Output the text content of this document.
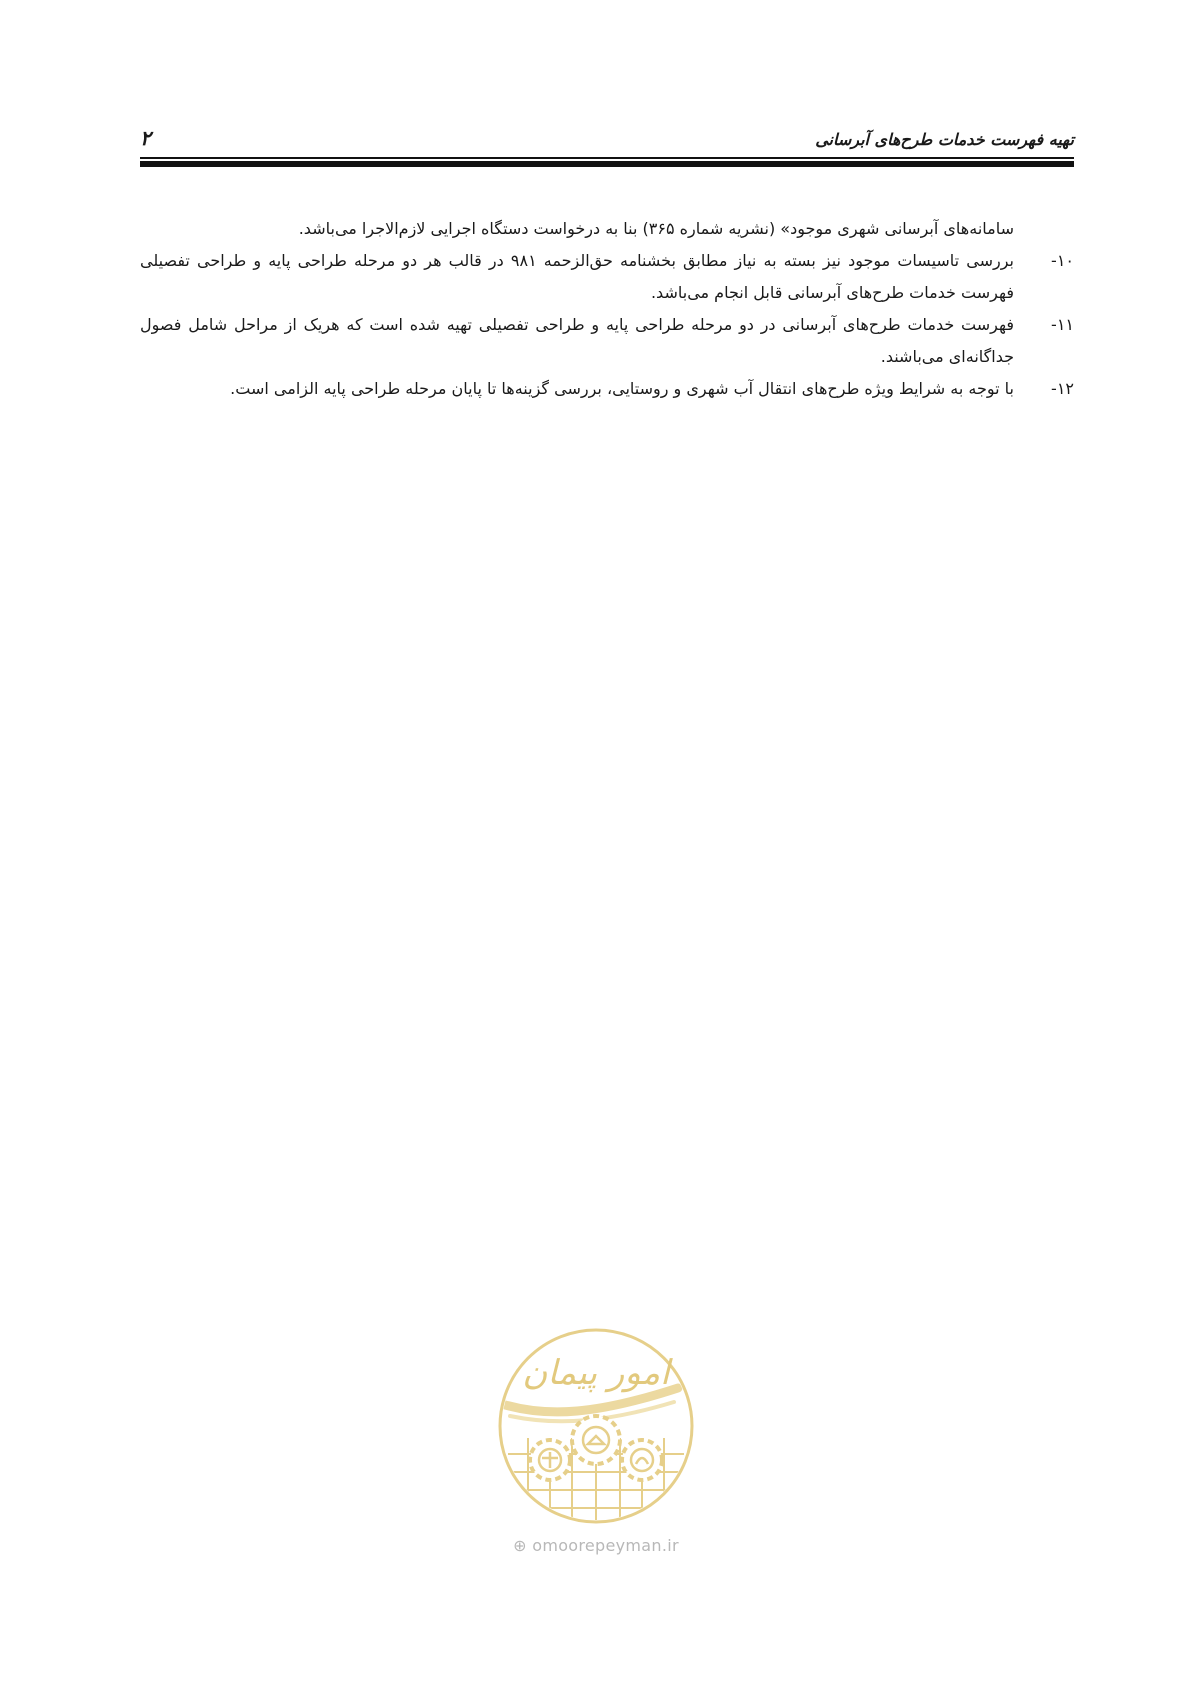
۲	تهیه فهرست خدمات طرح‌های آبرسانی

سامانه‌های آبرسانی شهری موجود» (نشریه شماره ۳۶۵) بنا به درخواست دستگاه اجرایی لازم‌الاجرا می‌باشد.

۱۰-
بررسی تاسیسات موجود نیز بسته به نیاز مطابق بخشنامه حق‌الزحمه ۹۸۱ در قالب هر دو مرحله طراحی پایه و طراحی تفصیلی فهرست خدمات طرح‌های آبرسانی قابل انجام می‌باشد.
۱۱-
فهرست خدمات طرح‌های آبرسانی در دو مرحله طراحی پایه و طراحی تفصیلی تهیه شده است که هریک از مراحل شامل فصول جداگانه‌ای می‌باشند.
۱۲-
با توجه به شرایط ویژه طرح‌های انتقال آب شهری و روستایی، بررسی گزینه‌ها تا پایان مرحله طراحی پایه الزامی است.
امور پیمان
⊕ omoorepeyman.ir
